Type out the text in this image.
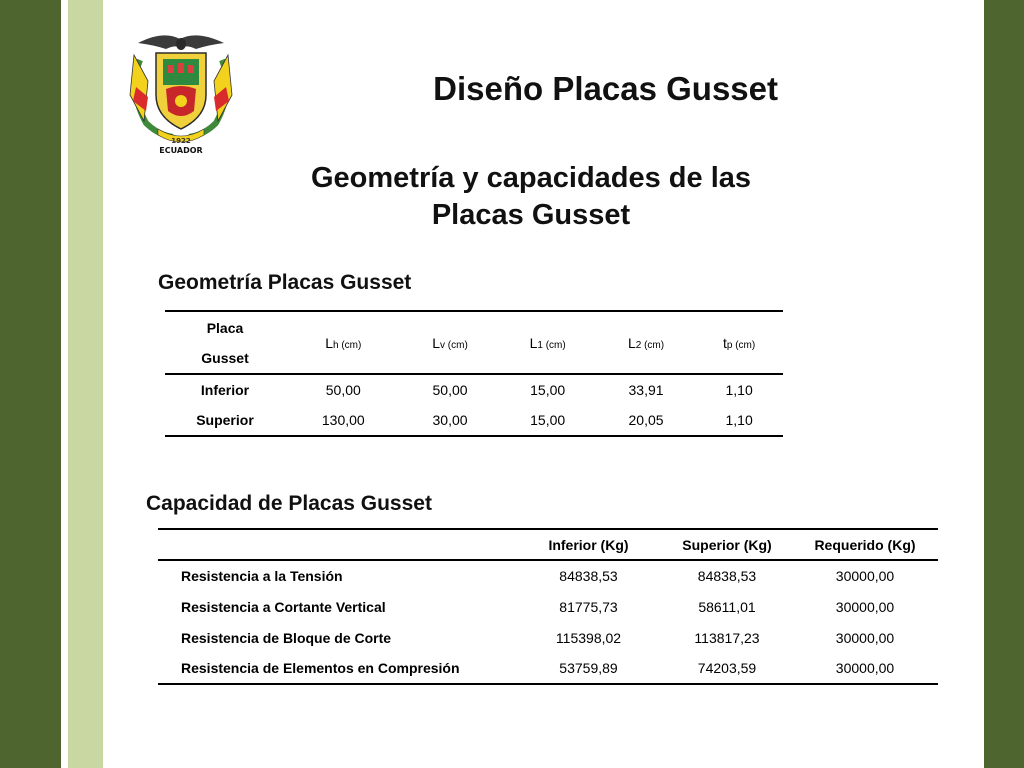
1922
ECUADOR
Diseño Placas Gusset
Geometría y capacidades de las
Placas Gusset
Geometría Placas Gusset
Placa
Gusset	Lh (cm)	Lv (cm)	L1 (cm)	L2 (cm)	tp (cm)
Inferior	50,00	50,00	15,00	33,91	1,10
Superior	130,00	30,00	15,00	20,05	1,10
Capacidad de Placas Gusset
	Inferior (Kg)	Superior (Kg)	Requerido (Kg)
Resistencia a la Tensión	84838,53	84838,53	30000,00
Resistencia a Cortante Vertical	81775,73	58611,01	30000,00
Resistencia de Bloque de Corte	115398,02	113817,23	30000,00
Resistencia de Elementos en Compresión	53759,89	74203,59	30000,00
